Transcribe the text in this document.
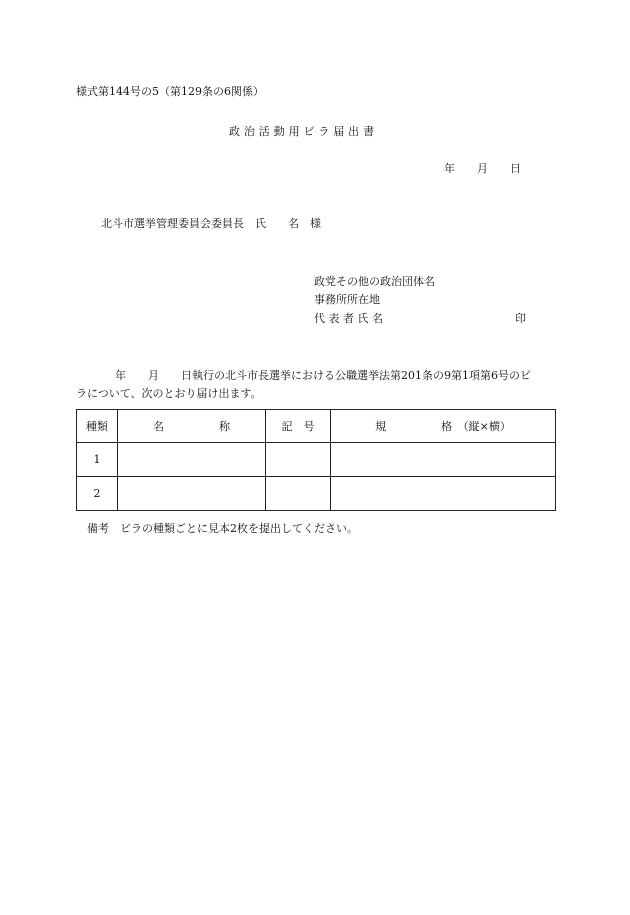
様式第144号の5（第129条の6関係）
政 治 活 動 用 ビ ラ 届 出 書
年　　月　　日
北斗市選挙管理委員会委員長　氏　　名　様
政党その他の政治団体名
事務所所在地
代 表 者 氏 名	印
年　　月　　日執行の北斗市長選挙における公職選挙法第201条の9第1項第6号のビ
ラについて、次のとおり届け出ます。
種類	名　　　　　称	記　号	規　　　　　格　（縦×横）
1			
2			
備考　ビラの種類ごとに見本2枚を提出してください。
